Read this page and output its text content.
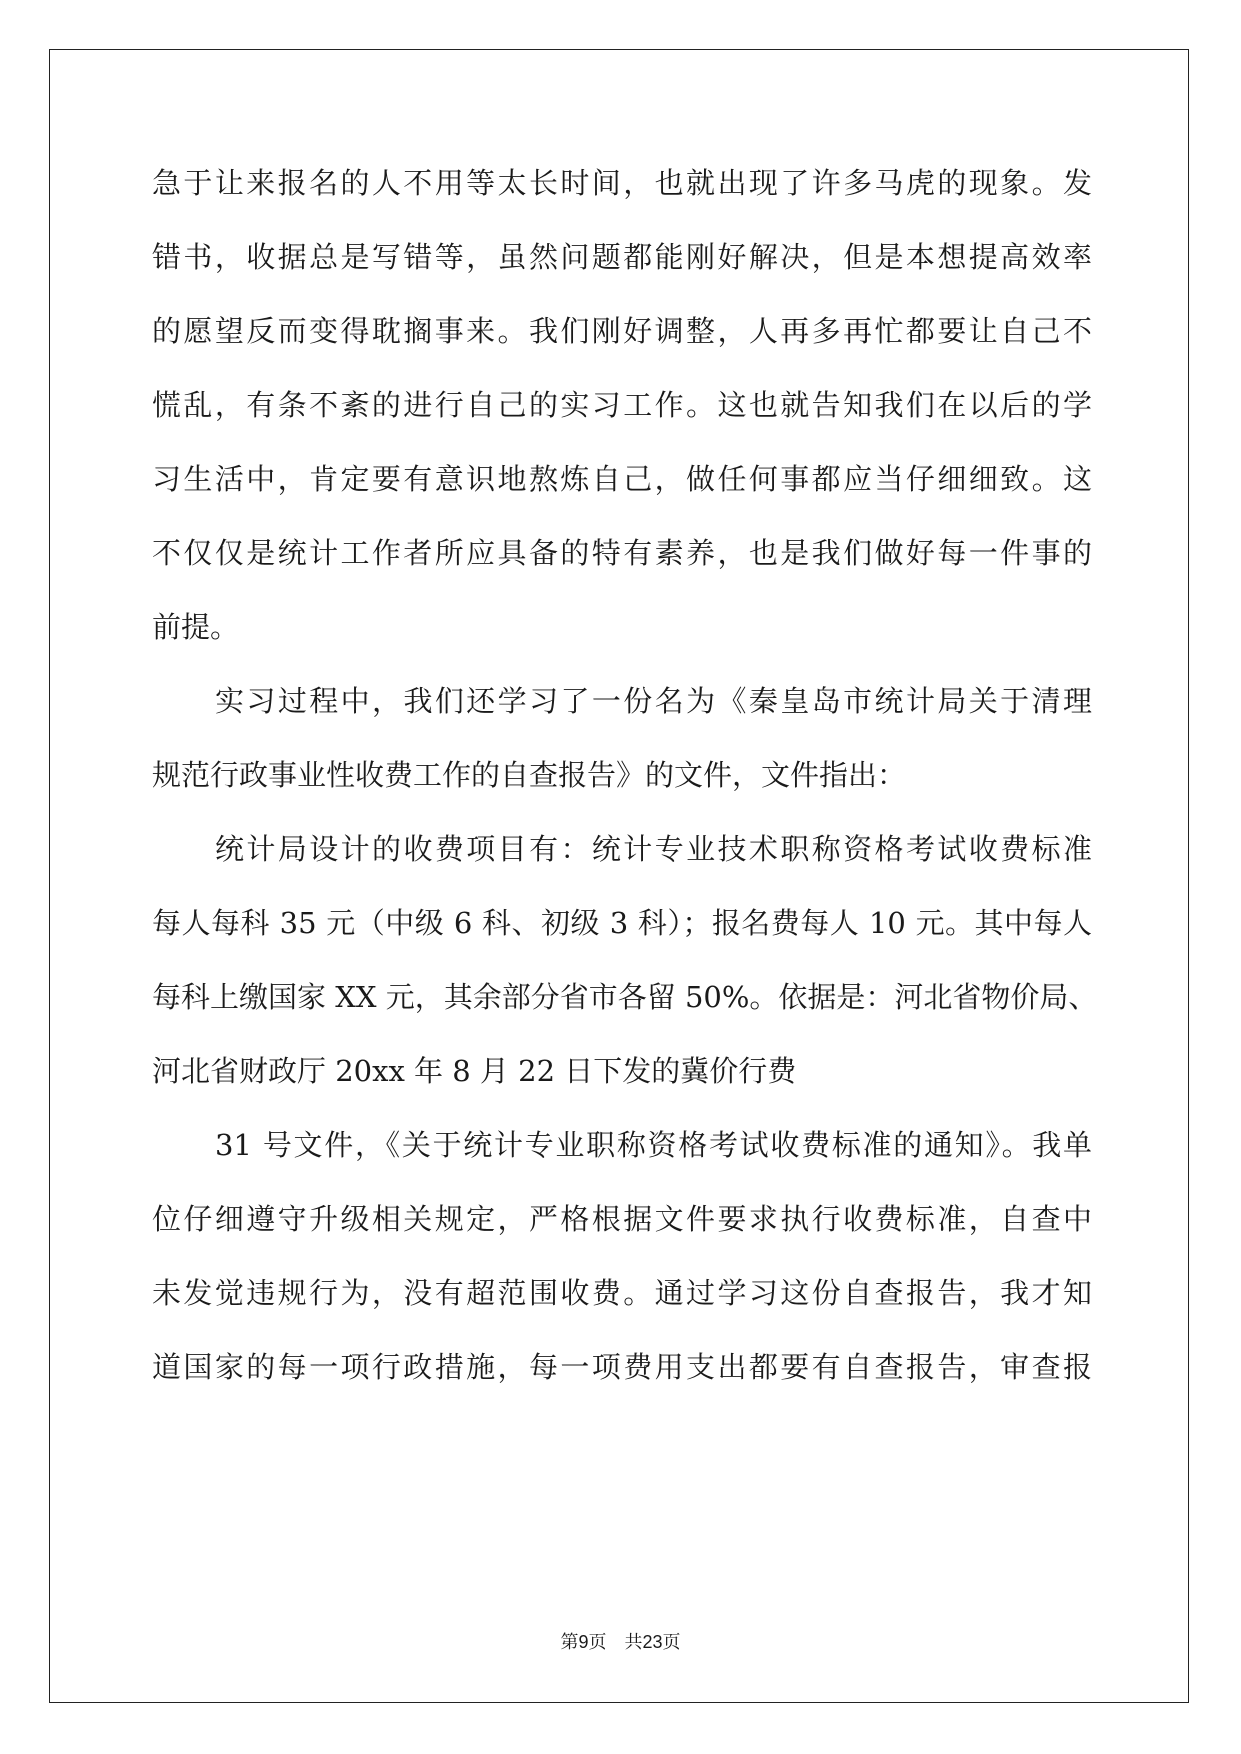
急于让来报名的人不用等太长时间，也就出现了许多马虎的现象。发
错书，收据总是写错等，虽然问题都能刚好解决，但是本想提高效率
的愿望反而变得耽搁事来。我们刚好调整，人再多再忙都要让自己不
慌乱，有条不紊的进行自己的实习工作。这也就告知我们在以后的学
习生活中，肯定要有意识地熬炼自己，做任何事都应当仔细细致。这
不仅仅是统计工作者所应具备的特有素养，也是我们做好每一件事的
前提。
实习过程中，我们还学习了一份名为《秦皇岛市统计局关于清理
规范行政事业性收费工作的自查报告》的文件，文件指出：
统计局设计的收费项目有：统计专业技术职称资格考试收费标准
每人每科 35 元（中级 6 科、初级 3 科）；报名费每人 10 元。其中每人
每科上缴国家 XX 元，其余部分省市各留 50%。依据是：河北省物价局、
河北省财政厅 20xx 年 8 月 22 日下发的冀价行费
31 号文件，《关于统计专业职称资格考试收费标准的通知》。我单
位仔细遵守升级相关规定，严格根据文件要求执行收费标准，自查中
未发觉违规行为，没有超范围收费。通过学习这份自查报告，我才知
道国家的每一项行政措施，每一项费用支出都要有自查报告，审查报
第9页 共23页
